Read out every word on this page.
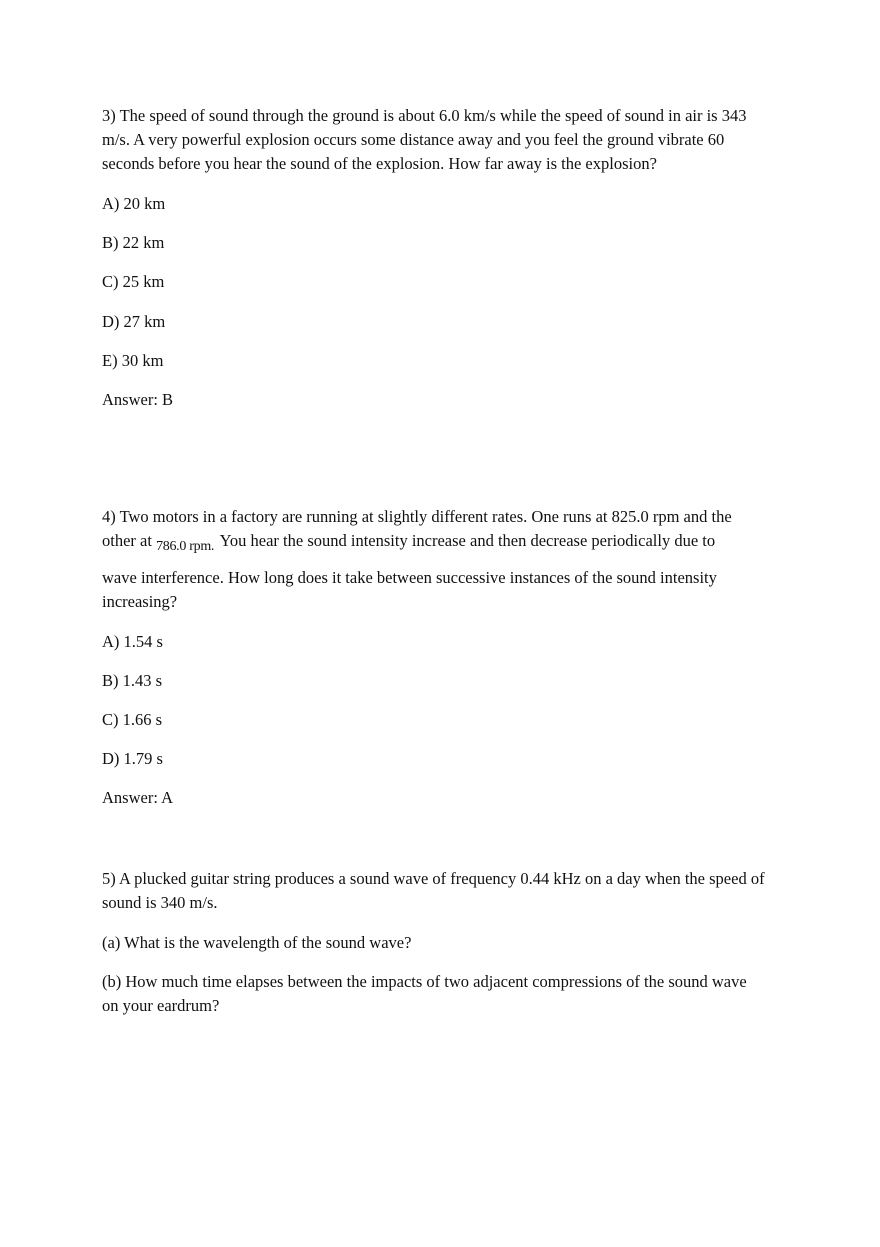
3) The speed of sound through the ground is about 6.0 km/s while the speed of sound in air is 343 m/s. A very powerful explosion occurs some distance away and you feel the ground vibrate 60 seconds before you hear the sound of the explosion. How far away is the explosion?

A) 20 km

B) 22 km

C) 25 km

D) 27 km

E) 30 km

Answer: B

4) Two motors in a factory are running at slightly different rates. One runs at 825.0 rpm and the other at 786.0 rpm. You hear the sound intensity increase and then decrease periodically due to

wave interference. How long does it take between successive instances of the sound intensity increasing?

A) 1.54 s

B) 1.43 s

C) 1.66 s

D) 1.79 s

Answer: A

5) A plucked guitar string produces a sound wave of frequency 0.44 kHz on a day when the speed of sound is 340 m/s.

(a) What is the wavelength of the sound wave?

(b) How much time elapses between the impacts of two adjacent compressions of the sound wave on your eardrum?
